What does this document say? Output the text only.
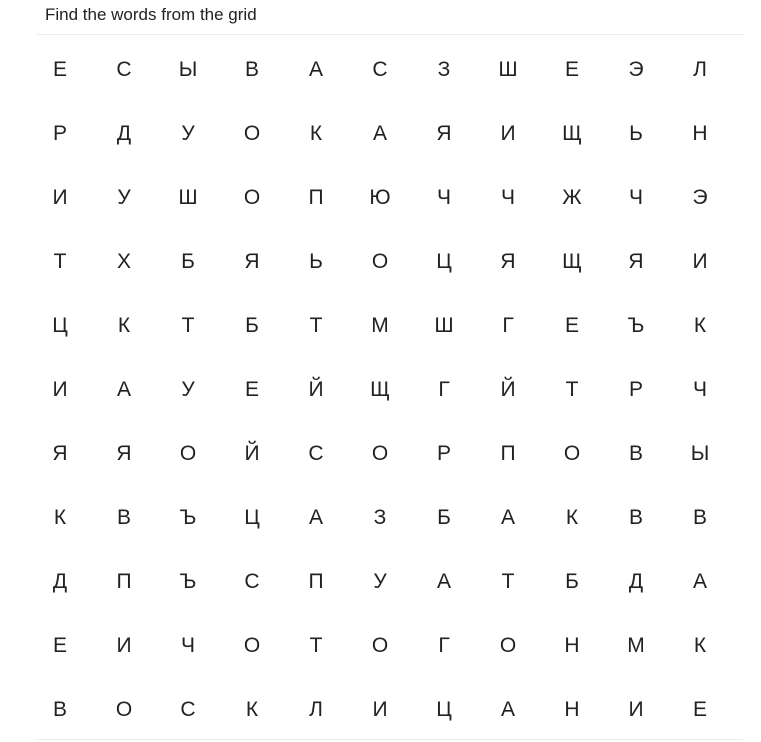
Find the words from the grid
Е	С	Ы	В	А	С	З	Ш	Е	Э	Л
Р	Д	У	О	К	А	Я	И	Щ	Ь	Н
И	У	Ш	О	П	Ю	Ч	Ч	Ж	Ч	Э
Т	Х	Б	Я	Ь	О	Ц	Я	Щ	Я	И
Ц	К	Т	Б	Т	М	Ш	Г	Е	Ъ	К
И	А	У	Е	Й	Щ	Г	Й	Т	Р	Ч
Я	Я	О	Й	С	О	Р	П	О	В	Ы
К	В	Ъ	Ц	А	З	Б	А	К	В	В
Д	П	Ъ	С	П	У	А	Т	Б	Д	А
Е	И	Ч	О	Т	О	Г	О	Н	М	К
В	О	С	К	Л	И	Ц	А	Н	И	Е
